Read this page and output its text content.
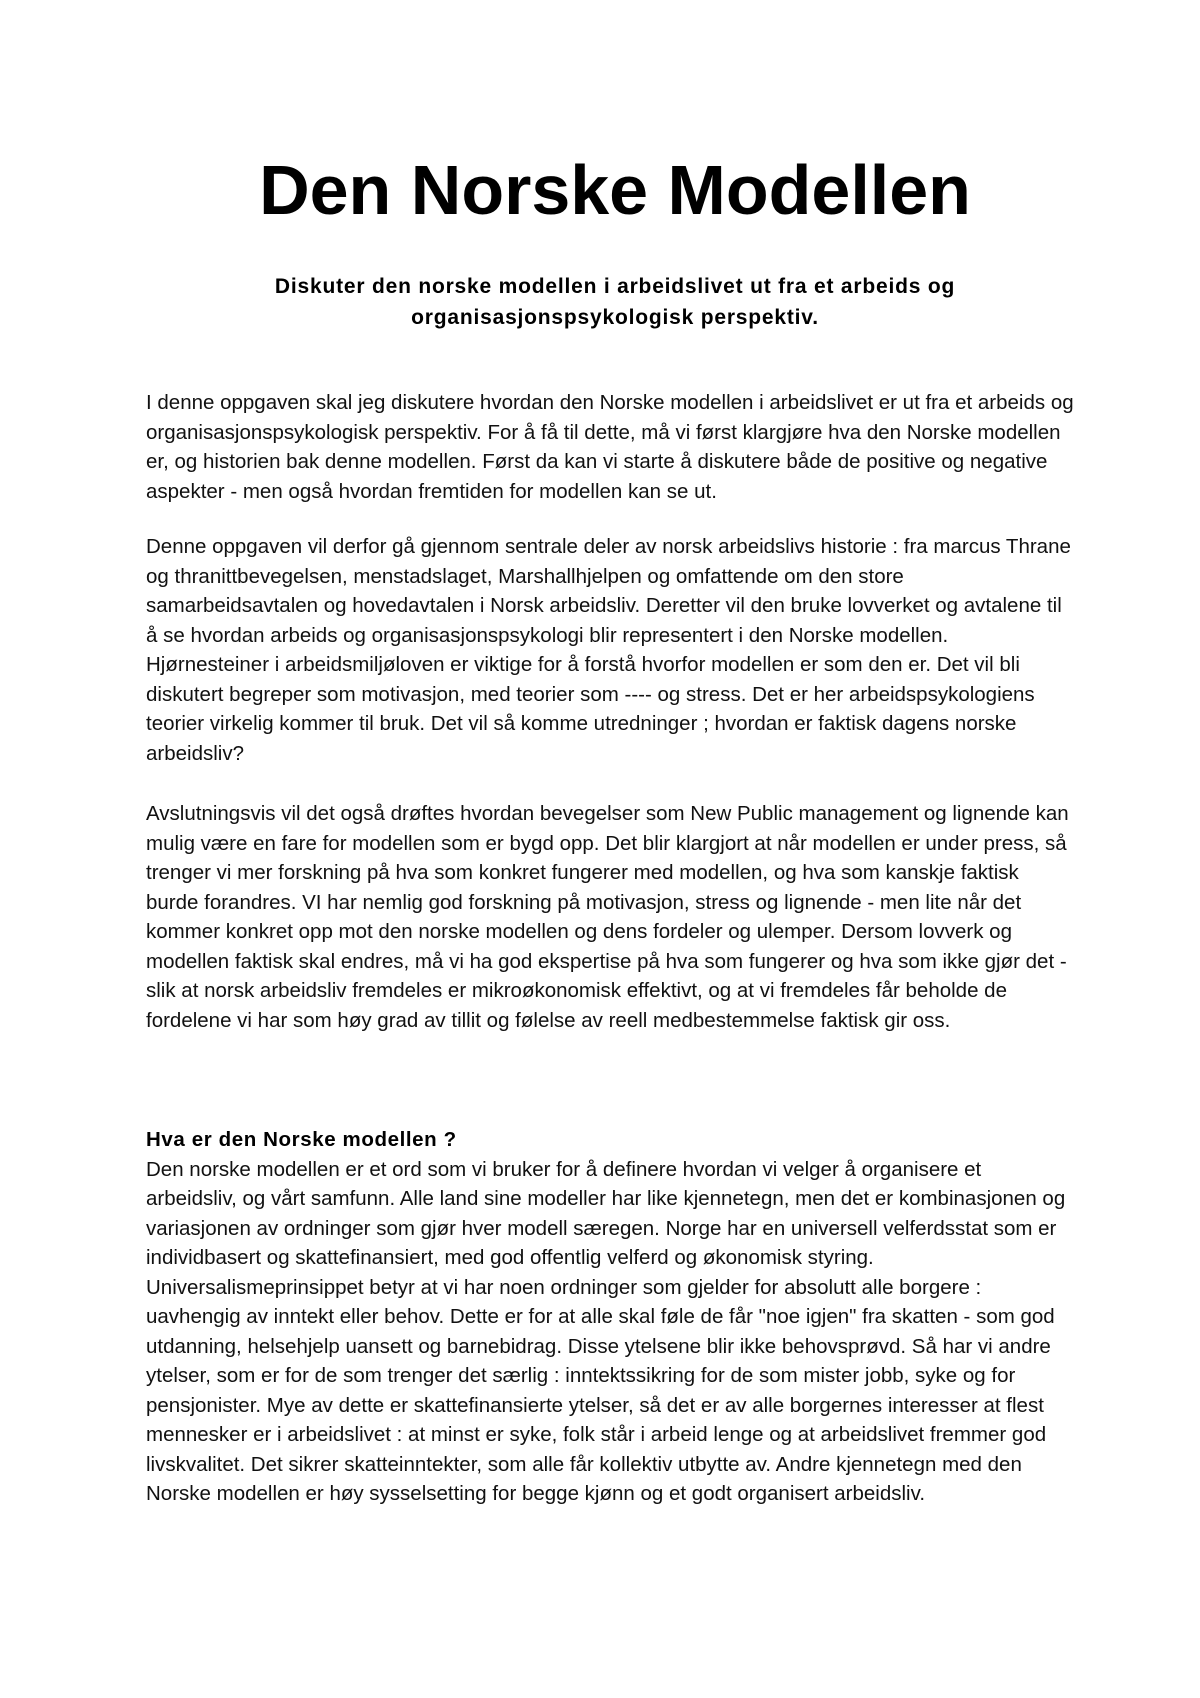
Den Norske Modellen

Diskuter den norske modellen i arbeidslivet ut fra et arbeids og organisasjonspsykologisk perspektiv.

I denne oppgaven skal jeg diskutere hvordan den Norske modellen i arbeidslivet er ut fra et arbeids og organisasjonspsykologisk perspektiv. For å få til dette, må vi først klargjøre hva den Norske modellen er, og historien bak denne modellen. Først da kan vi starte å diskutere både de positive og negative aspekter - men også hvordan fremtiden for modellen kan se ut.

Denne oppgaven vil derfor gå gjennom sentrale deler av norsk arbeidslivs historie : fra marcus Thrane og thranittbevegelsen, menstadslaget, Marshallhjelpen og omfattende om den store samarbeidsavtalen og hovedavtalen i Norsk arbeidsliv. Deretter vil den bruke lovverket og avtalene til å se hvordan arbeids og organisasjonspsykologi blir representert i den Norske modellen. Hjørnesteiner i arbeidsmiljøloven er viktige for å forstå hvorfor modellen er som den er. Det vil bli diskutert begreper som motivasjon, med teorier som ---- og stress. Det er her arbeidspsykologiens teorier virkelig kommer til bruk. Det vil så komme utredninger ; hvordan er faktisk dagens norske arbeidsliv?

Avslutningsvis vil det også drøftes hvordan bevegelser som New Public management og lignende kan mulig være en fare for modellen som er bygd opp. Det blir klargjort at når modellen er under press, så trenger vi mer forskning på hva som konkret fungerer med modellen, og hva som kanskje faktisk burde forandres. VI har nemlig god forskning på motivasjon, stress og lignende - men lite når det kommer konkret opp mot den norske modellen og dens fordeler og ulemper. Dersom lovverk og modellen faktisk skal endres, må vi ha god ekspertise på hva som fungerer og hva som ikke gjør det - slik at norsk arbeidsliv fremdeles er mikroøkonomisk effektivt, og at vi fremdeles får beholde de fordelene vi har som høy grad av tillit og følelse av reell medbestemmelse faktisk gir oss.

Hva er den Norske modellen ?

Den norske modellen er et ord som vi bruker for å definere hvordan vi velger å organisere et arbeidsliv, og vårt samfunn. Alle land sine modeller har like kjennetegn, men det er kombinasjonen og variasjonen av ordninger som gjør hver modell særegen. Norge har en universell velferdsstat som er individbasert og skattefinansiert, med god offentlig velferd og økonomisk styring. Universalismeprinsippet betyr at vi har noen ordninger som gjelder for absolutt alle borgere : uavhengig av inntekt eller behov. Dette er for at alle skal føle de får "noe igjen" fra skatten - som god utdanning, helsehjelp uansett og barnebidrag. Disse ytelsene blir ikke behovsprøvd. Så har vi andre ytelser, som er for de som trenger det særlig : inntektssikring for de som mister jobb, syke og for pensjonister. Mye av dette er skattefinansierte ytelser, så det er av alle borgernes interesser at flest mennesker er i arbeidslivet : at minst er syke, folk står i arbeid lenge og at arbeidslivet fremmer god livskvalitet. Det sikrer skatteinntekter, som alle får kollektiv utbytte av. Andre kjennetegn med den Norske modellen er høy sysselsetting for begge kjønn og et godt organisert arbeidsliv.
